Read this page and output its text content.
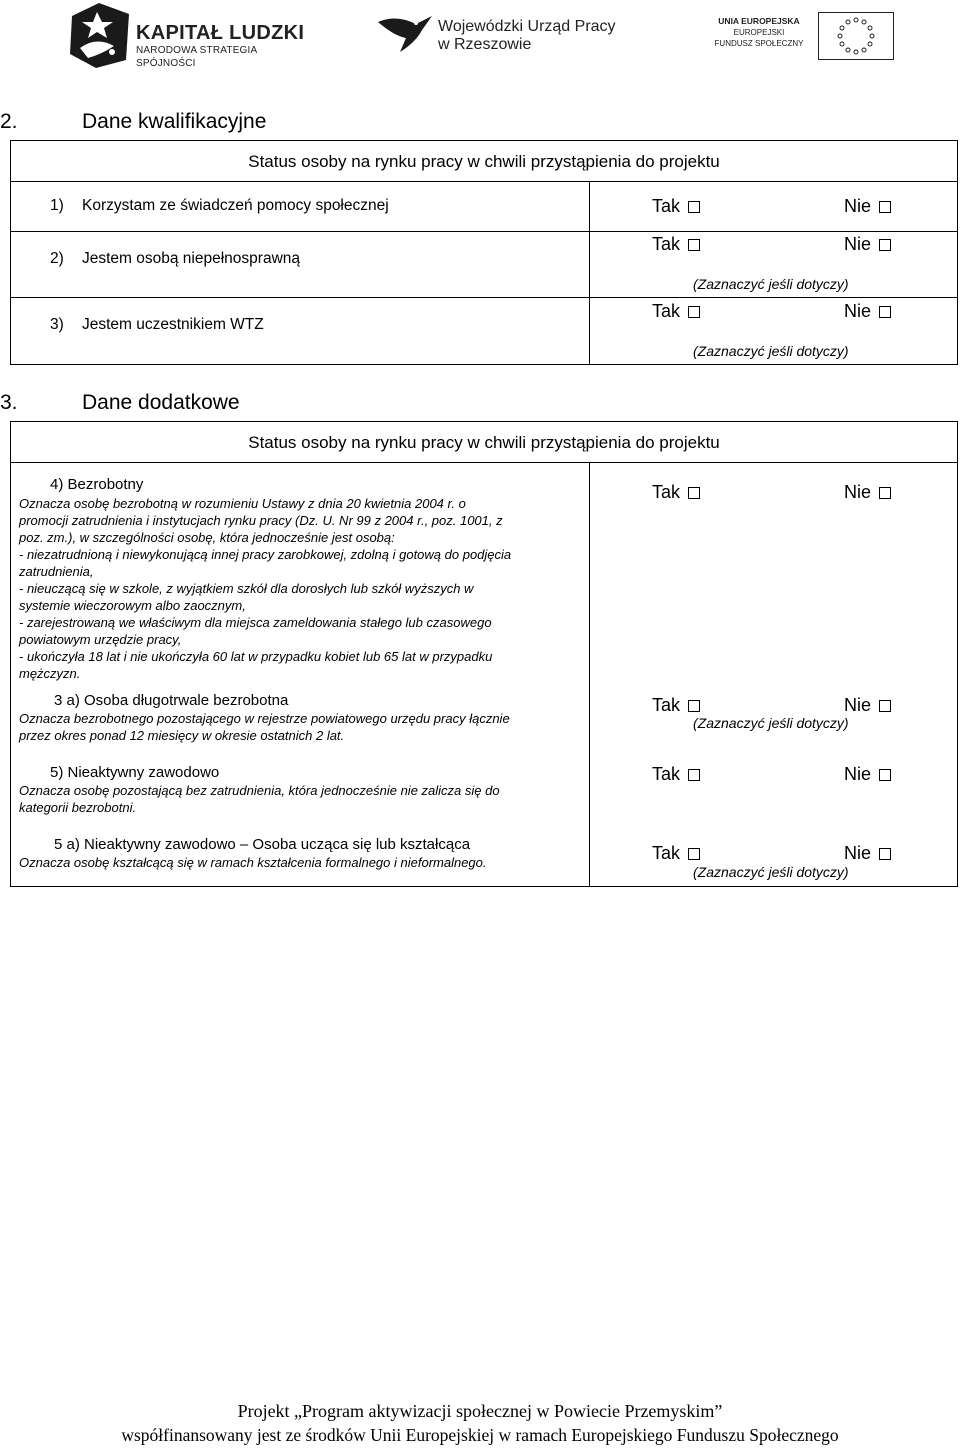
KAPITAŁ LUDZKI
NARODOWA STRATEGIA SPÓJNOŚCI
Wojewódzki Urząd Pracy
w Rzeszowie
UNIA EUROPEJSKA
EUROPEJSKI
FUNDUSZ SPOŁECZNY
2.	Dane kwalifikacyjne
Status osoby na rynku pracy w chwili przystąpienia do projektu
1) Korzystam ze świadczeń pomocy społecznej	Tak	Nie
2) Jestem osobą niepełnosprawną
Tak	Nie
(Zaznaczyć jeśli dotyczy)
3) Jestem uczestnikiem WTZ
Tak	Nie
(Zaznaczyć jeśli dotyczy)
3.	Dane dodatkowe
Status osoby na rynku pracy w chwili przystąpienia do projektu
4) Bezrobotny
Oznacza osobę bezrobotną w rozumieniu Ustawy z dnia 20 kwietnia 2004 r. o
promocji zatrudnienia i instytucjach rynku pracy (Dz. U. Nr 99 z 2004 r., poz. 1001, z
poz. zm.), w szczególności osobę, która jednocześnie jest osobą:
- niezatrudnioną i niewykonującą innej pracy zarobkowej, zdolną i gotową do podjęcia
zatrudnienia,
- nieuczącą się w szkole, z wyjątkiem szkół dla dorosłych lub szkół wyższych w
systemie wieczorowym albo zaocznym,
- zarejestrowaną we właściwym dla miejsca zameldowania stałego lub czasowego
powiatowym urzędzie pracy,
- ukończyła 18 lat i nie ukończyła 60 lat w przypadku kobiet lub 65 lat w przypadku
mężczyzn.
Tak	Nie
3 a) Osoba długotrwale bezrobotna
Oznacza bezrobotnego pozostającego w rejestrze powiatowego urzędu pracy łącznie
przez okres ponad 12 miesięcy w okresie ostatnich 2 lat.
Tak	Nie
(Zaznaczyć jeśli dotyczy)
5) Nieaktywny zawodowo
Oznacza osobę pozostającą bez zatrudnienia, która jednocześnie nie zalicza się do
kategorii bezrobotni.
Tak	Nie
5 a) Nieaktywny zawodowo – Osoba ucząca się lub kształcąca
Oznacza osobę kształcącą się w ramach kształcenia formalnego i nieformalnego.	Tak	Nie
(Zaznaczyć jeśli dotyczy)
Projekt „Program aktywizacji społecznej w Powiecie Przemyskim”
współfinansowany jest ze środków Unii Europejskiej w ramach Europejskiego Funduszu Społecznego
